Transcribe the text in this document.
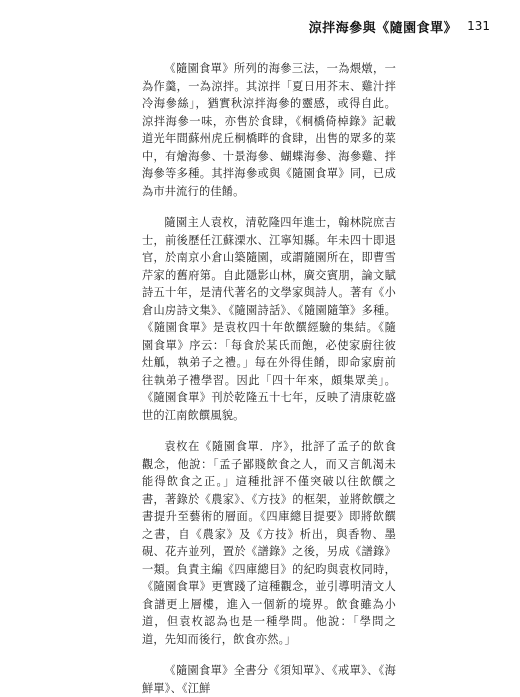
涼拌海參與《隨園食單》 131

《隨園食單》所列的海參三法，一為煨燉，一為作羹，一為涼拌。其涼拌「夏日用芥末、雞汁拌冷海參絲」，猶實秋涼拌海參的靈感，或得自此。涼拌海參一味，亦售於食肆，《桐橋倚棹錄》記載道光年間蘇州虎丘桐橋畔的食肆，出售的眾多的菜中，有燴海參、十景海參、蝴蝶海參、海參雞、拌海參等多種。其拌海參或與《隨園食單》同，已成為市井流行的佳餚。

隨園主人袁枚，清乾隆四年進士，翰林院庶吉士，前後歷任江蘇溧水、江寧知縣。年未四十即退官，於南京小倉山築隨園，或謂隨園所在，即曹雪芹家的舊府第。自此隱影山林，廣交賓朋，論文賦詩五十年，是清代著名的文學家與詩人。著有《小倉山房詩文集》、《隨園詩話》、《隨園隨筆》多種。《隨園食單》是袁枚四十年飲饌經驗的集結。《隨園食單》序云：「每食於某氏而飽，必使家廚往彼灶觚，執弟子之禮。」每在外得佳餚，即命家廚前往執弟子禮學習。因此「四十年來，頗集眾美」。《隨園食單》刊於乾隆五十七年，反映了清康乾盛世的江南飲饌風貌。

袁枚在《隨園食單．序》，批評了孟子的飲食觀念，他說：「孟子鄙賤飲食之人，而又言飢渴未能得飲食之正。」這種批評不僅突破以往飲饌之書，著錄於《農家》、《方技》的框架，並將飲饌之書提升至藝術的層面。《四庫總目提要》即將飲饌之書，自《農家》及《方技》析出，與香物、墨硯、花卉並列，置於《譜錄》之後，另成《譜錄》一類。負責主編《四庫總目》的紀昀與袁枚同時，《隨園食單》更實踐了這種觀念，並引導明清文人食譜更上層樓，進入一個新的境界。飲食雖為小道，但袁枚認為也是一種學問。他說：「學問之道，先知而後行，飲食亦然。」

《隨園食單》全書分《須知單》、《戒單》、《海鮮單》、《江鮮
